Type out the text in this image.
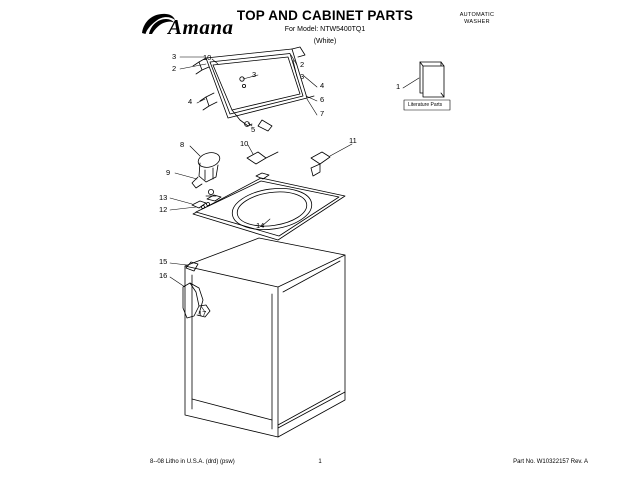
Amana TOP AND CABINET PARTS
For Model: NTW5400TQ1
(White)
AUTOMATIC
WASHER
3
2
10
3
2
3
4
4	6
7
5
8	10	11
9
13
12
14
15
16
17
1
Literature Parts
8--08 Litho in U.S.A. (drd) (psw)	1	Part No. W10322157 Rev. A
